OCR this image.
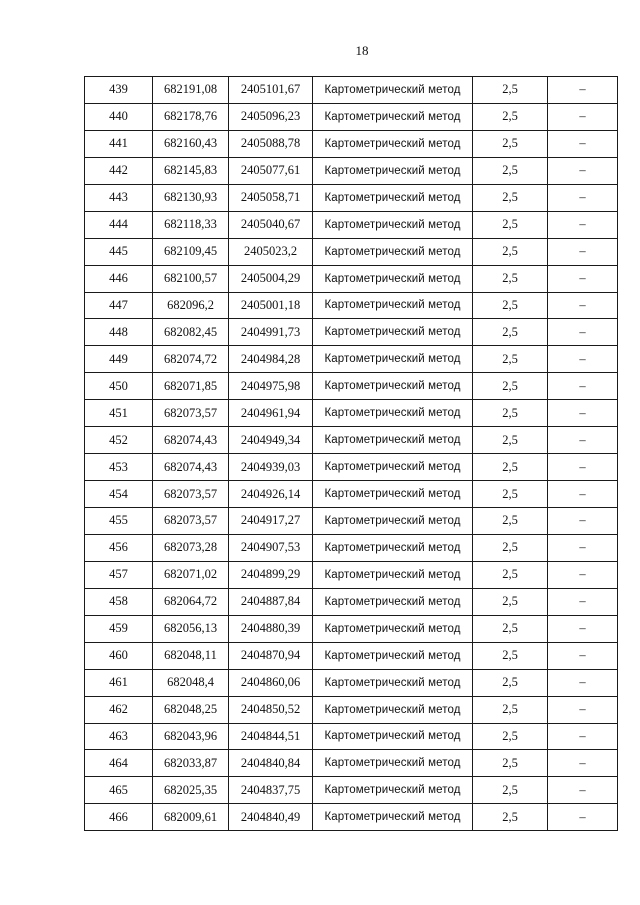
18
439	682191,08	2405101,67	Картометрический метод	2,5	–
440	682178,76	2405096,23	Картометрический метод	2,5	–
441	682160,43	2405088,78	Картометрический метод	2,5	–
442	682145,83	2405077,61	Картометрический метод	2,5	–
443	682130,93	2405058,71	Картометрический метод	2,5	–
444	682118,33	2405040,67	Картометрический метод	2,5	–
445	682109,45	2405023,2	Картометрический метод	2,5	–
446	682100,57	2405004,29	Картометрический метод	2,5	–
447	682096,2	2405001,18	Картометрический метод	2,5	–
448	682082,45	2404991,73	Картометрический метод	2,5	–
449	682074,72	2404984,28	Картометрический метод	2,5	–
450	682071,85	2404975,98	Картометрический метод	2,5	–
451	682073,57	2404961,94	Картометрический метод	2,5	–
452	682074,43	2404949,34	Картометрический метод	2,5	–
453	682074,43	2404939,03	Картометрический метод	2,5	–
454	682073,57	2404926,14	Картометрический метод	2,5	–
455	682073,57	2404917,27	Картометрический метод	2,5	–
456	682073,28	2404907,53	Картометрический метод	2,5	–
457	682071,02	2404899,29	Картометрический метод	2,5	–
458	682064,72	2404887,84	Картометрический метод	2,5	–
459	682056,13	2404880,39	Картометрический метод	2,5	–
460	682048,11	2404870,94	Картометрический метод	2,5	–
461	682048,4	2404860,06	Картометрический метод	2,5	–
462	682048,25	2404850,52	Картометрический метод	2,5	–
463	682043,96	2404844,51	Картометрический метод	2,5	–
464	682033,87	2404840,84	Картометрический метод	2,5	–
465	682025,35	2404837,75	Картометрический метод	2,5	–
466	682009,61	2404840,49	Картометрический метод	2,5	–
